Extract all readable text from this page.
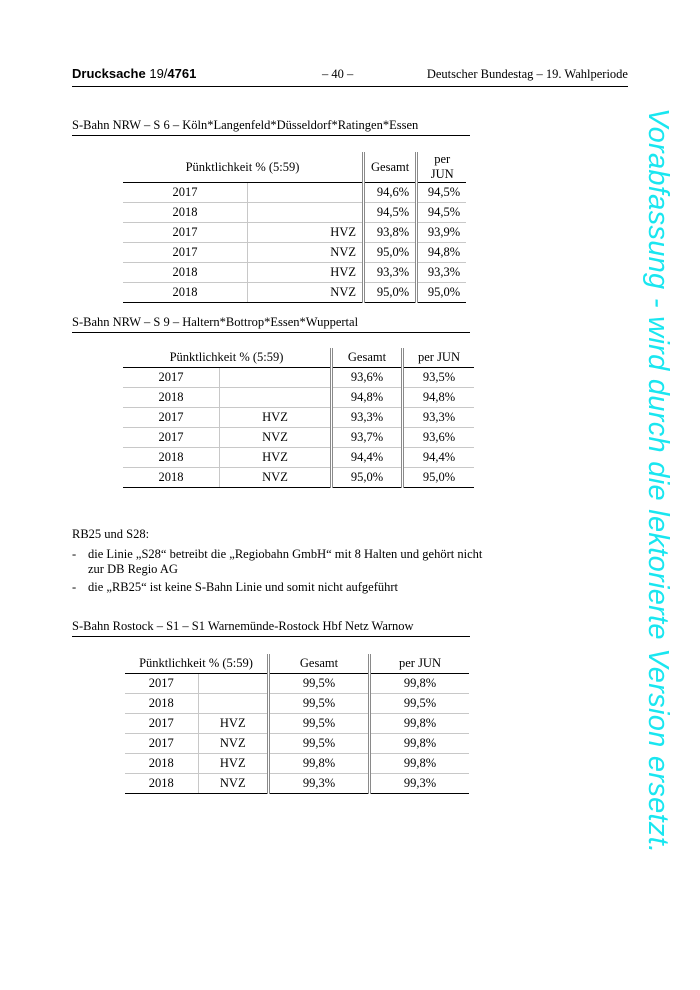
Drucksache 19/4761	– 40 –	Deutscher Bundestag – 19. Wahlperiode
S-Bahn NRW – S 6 – Köln*Langenfeld*Düsseldorf*Ratingen*Essen
Pünktlichkeit % (5:59)		Gesamt	per JUN
2017		94,6%	94,5%
2018		94,5%	94,5%
2017	HVZ	93,8%	93,9%
2017	NVZ	95,0%	94,8%
2018	HVZ	93,3%	93,3%
2018	NVZ	95,0%	95,0%
S-Bahn NRW – S 9 – Haltern*Bottrop*Essen*Wuppertal
Pünktlichkeit % (5:59)		Gesamt	per JUN
2017		93,6%	93,5%
2018		94,8%	94,8%
2017	HVZ	93,3%	93,3%
2017	NVZ	93,7%	93,6%
2018	HVZ	94,4%	94,4%
2018	NVZ	95,0%	95,0%
RB25 und S28:
- die Linie „S28“ betreibt die „Regiobahn GmbH“ mit 8 Halten und gehört nicht zur DB Regio AG
- die „RB25“ ist keine S-Bahn Linie und somit nicht aufgeführt
S-Bahn Rostock – S1 – S1 Warnemünde-Rostock Hbf Netz Warnow
Pünktlichkeit % (5:59)		Gesamt	per JUN
2017		99,5%	99,8%
2018		99,5%	99,5%
2017	HVZ	99,5%	99,8%
2017	NVZ	99,5%	99,8%
2018	HVZ	99,8%	99,8%
2018	NVZ	99,3%	99,3%	Vorabfassung - wird durch die lektorierte Version ersetzt.
